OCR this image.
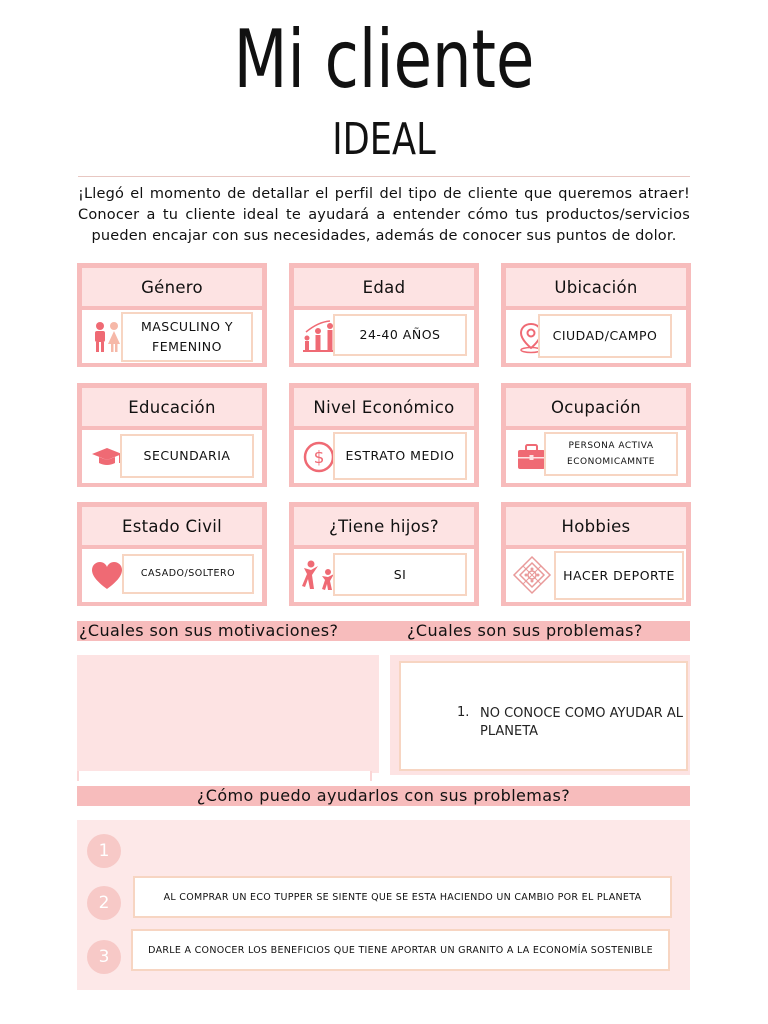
Mi cliente
IDEAL
¡Llegó el momento de detallar el perfil del tipo de cliente que queremos atraer! Conocer a tu cliente ideal te ayudará a entender cómo tus productos/servicios pueden encajar con sus necesidades, además de conocer sus puntos de dolor.
Género
MASCULINO Y FEMENINO
Edad
24-40 AÑOS
Ubicación
CIUDAD/CAMPO
Educación
SECUNDARIA
Nivel Económico
$	ESTRATO MEDIO
Ocupación
PERSONA ACTIVA ECONOMICAMNTE
Estado Civil
CASADO/SOLTERO
¿Tiene hijos?
SI
Hobbies
HACER DEPORTE
¿Cuales son sus motivaciones?	¿Cuales son sus problemas?
1. NO CONOCE COMO AYUDAR AL PLANETA
¿Cómo puedo ayudarlos con sus problemas?
1
2	AL COMPRAR UN ECO TUPPER SE SIENTE QUE SE ESTA HACIENDO UN CAMBIO POR EL PLANETA
3	DARLE A CONOCER LOS BENEFICIOS QUE TIENE APORTAR UN GRANITO A LA ECONOMÍA SOSTENIBLE
